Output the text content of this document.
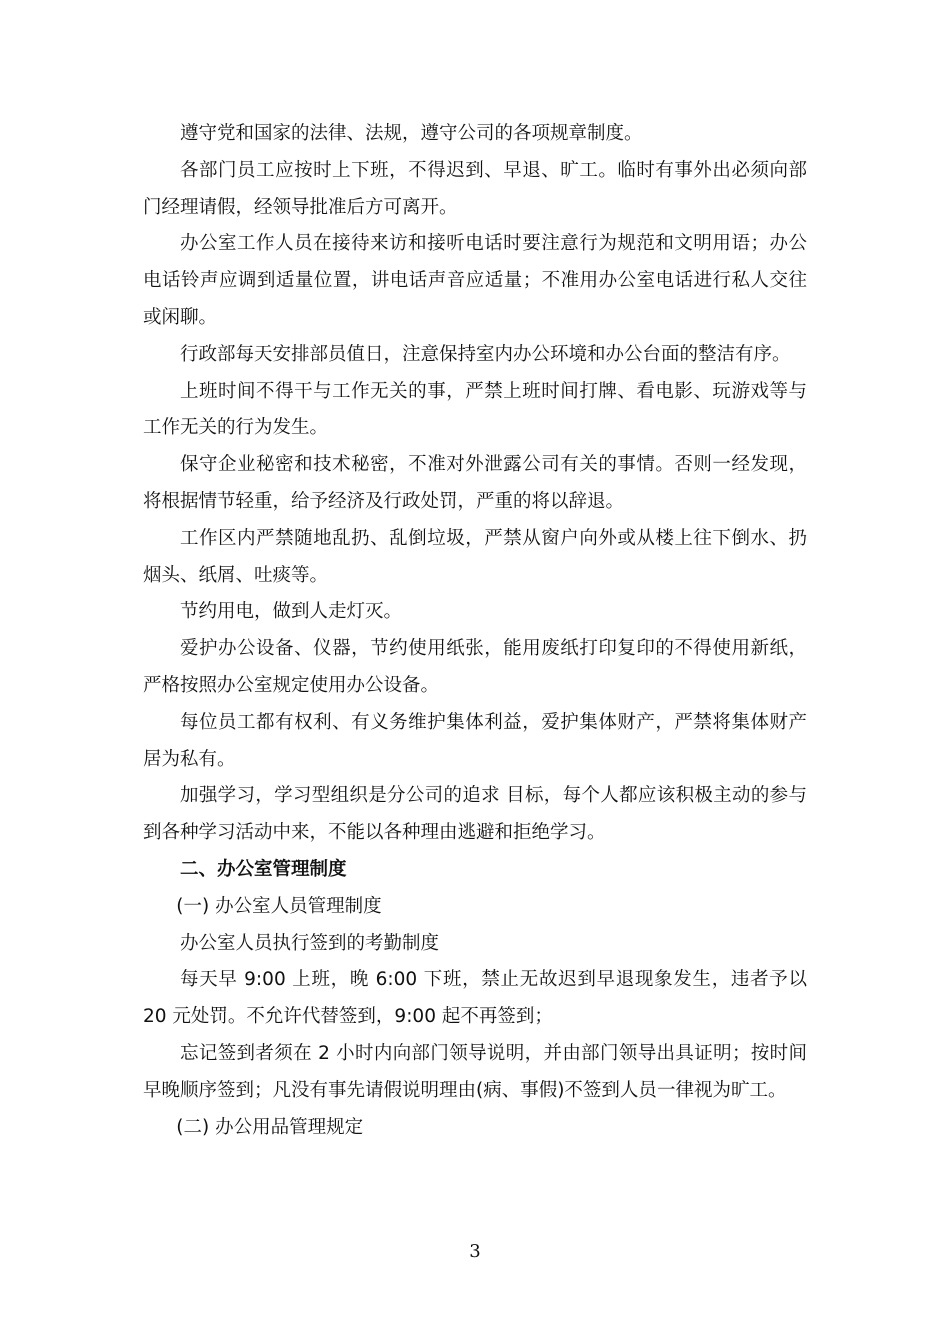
遵守党和国家的法律、法规，遵守公司的各项规章制度。

各部门员工应按时上下班，不得迟到、早退、旷工。临时有事外出必须向部门经理请假，经领导批准后方可离开。

办公室工作人员在接待来访和接听电话时要注意行为规范和文明用语；办公电话铃声应调到适量位置，讲电话声音应适量；不准用办公室电话进行私人交往或闲聊。

行政部每天安排部员值日，注意保持室内办公环境和办公台面的整洁有序。

上班时间不得干与工作无关的事，严禁上班时间打牌、看电影、玩游戏等与工作无关的行为发生。

保守企业秘密和技术秘密，不准对外泄露公司有关的事情。否则一经发现，将根据情节轻重，给予经济及行政处罚，严重的将以辞退。

工作区内严禁随地乱扔、乱倒垃圾，严禁从窗户向外或从楼上往下倒水、扔烟头、纸屑、吐痰等。

节约用电，做到人走灯灭。

爱护办公设备、仪器，节约使用纸张，能用废纸打印复印的不得使用新纸，严格按照办公室规定使用办公设备。

每位员工都有权利、有义务维护集体利益，爱护集体财产，严禁将集体财产居为私有。

加强学习，学习型组织是分公司的追求 目标，每个人都应该积极主动的参与到各种学习活动中来，不能以各种理由逃避和拒绝学习。

二、办公室管理制度

(一) 办公室人员管理制度

办公室人员执行签到的考勤制度

每天早 9:00 上班，晚 6:00 下班，禁止无故迟到早退现象发生，违者予以 20 元处罚。不允许代替签到，9:00 起不再签到；

忘记签到者须在 2 小时内向部门领导说明，并由部门领导出具证明；按时间早晚顺序签到；凡没有事先请假说明理由(病、事假)不签到人员一律视为旷工。

(二) 办公用品管理规定

3
